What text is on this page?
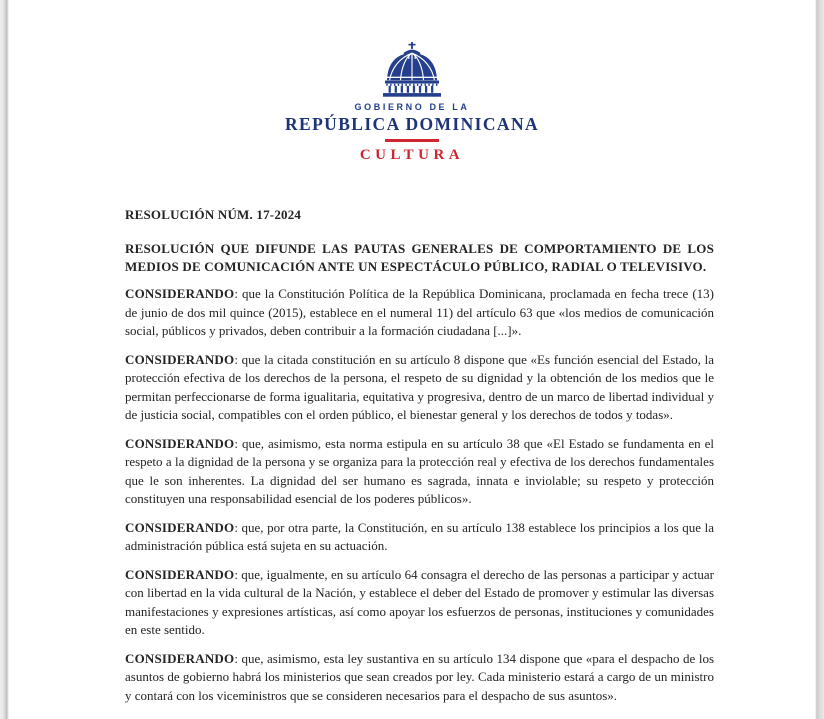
GOBIERNO DE LA
REPÚBLICA DOMINICANA
CULTURA

RESOLUCIÓN NÚM. 17-2024

RESOLUCIÓN QUE DIFUNDE LAS PAUTAS GENERALES DE COMPORTAMIENTO DE LOS MEDIOS DE COMUNICACIÓN ANTE UN ESPECTÁCULO PÚBLICO, RADIAL O TELEVISIVO.

CONSIDERANDO: que la Constitución Política de la República Dominicana, proclamada en fecha trece (13) de junio de dos mil quince (2015), establece en el numeral 11) del artículo 63 que «los medios de comunicación social, públicos y privados, deben contribuir a la formación ciudadana [...]».

CONSIDERANDO: que la citada constitución en su artículo 8 dispone que «Es función esencial del Estado, la protección efectiva de los derechos de la persona, el respeto de su dignidad y la obtención de los medios que le permitan perfeccionarse de forma igualitaria, equitativa y progresiva, dentro de un marco de libertad individual y de justicia social, compatibles con el orden público, el bienestar general y los derechos de todos y todas».

CONSIDERANDO: que, asimismo, esta norma estipula en su artículo 38 que «El Estado se fundamenta en el respeto a la dignidad de la persona y se organiza para la protección real y efectiva de los derechos fundamentales que le son inherentes. La dignidad del ser humano es sagrada, innata e inviolable; su respeto y protección constituyen una responsabilidad esencial de los poderes públicos».

CONSIDERANDO: que, por otra parte, la Constitución, en su artículo 138 establece los principios a los que la administración pública está sujeta en su actuación.

CONSIDERANDO: que, igualmente, en su artículo 64 consagra el derecho de las personas a participar y actuar con libertad en la vida cultural de la Nación, y establece el deber del Estado de promover y estimular las diversas manifestaciones y expresiones artísticas, así como apoyar los esfuerzos de personas, instituciones y comunidades en este sentido.

CONSIDERANDO: que, asimismo, esta ley sustantiva en su artículo 134 dispone que «para el despacho de los asuntos de gobierno habrá los ministerios que sean creados por ley. Cada ministerio estará a cargo de un ministro y contará con los viceministros que se consideren necesarios para el despacho de sus asuntos».
